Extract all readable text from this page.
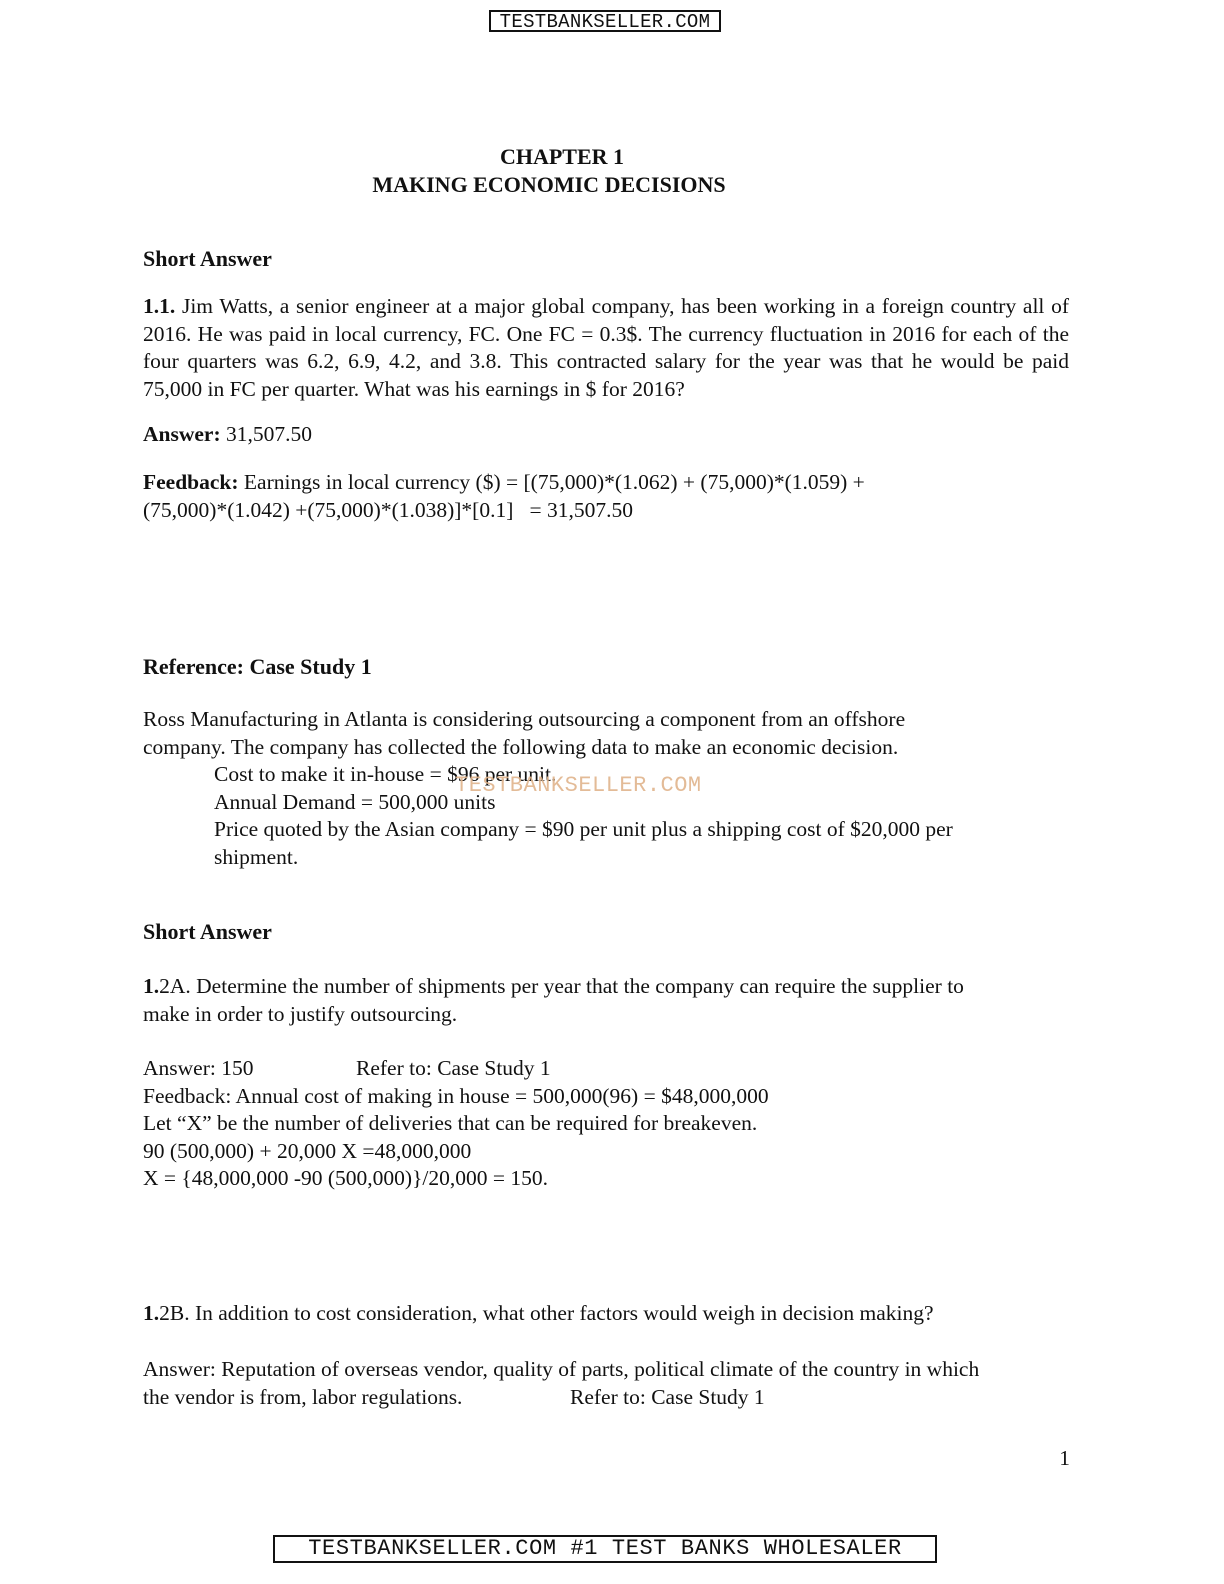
TESTBANKSELLER.COM
CHAPTER 1
MAKING ECONOMIC DECISIONS
Short Answer
1.1. Jim Watts, a senior engineer at a major global company, has been working in a foreign country all of 2016. He was paid in local currency, FC. One FC = 0.3$. The currency fluctuation in 2016 for each of the four quarters was 6.2, 6.9, 4.2, and 3.8. This contracted salary for the year was that he would be paid 75,000 in FC per quarter. What was his earnings in $ for 2016?
Answer: 31,507.50
Feedback: Earnings in local currency ($) = [(75,000)*(1.062) + (75,000)*(1.059) +
(75,000)*(1.042) +(75,000)*(1.038)]*[0.1]   = 31,507.50
Reference: Case Study 1
Ross Manufacturing in Atlanta is considering outsourcing a component from an offshore
company. The company has collected the following data to make an economic decision.
Cost to make it in-house = $96 per unit.
Annual Demand = 500,000 units
Price quoted by the Asian company = $90 per unit plus a shipping cost of $20,000 per
shipment.
TESTBANKSELLER.COM
Short Answer
1.2A. Determine the number of shipments per year that the company can require the supplier to
make in order to justify outsourcing.
Answer: 150	Refer to: Case Study 1
Feedback: Annual cost of making in house = 500,000(96) = $48,000,000
Let “X” be the number of deliveries that can be required for breakeven.
90 (500,000) + 20,000 X =48,000,000
X = {48,000,000 -90 (500,000)}/20,000 = 150.
1.2B. In addition to cost consideration, what other factors would weigh in decision making?
Answer: Reputation of overseas vendor, quality of parts, political climate of the country in which
the vendor is from, labor regulations.	Refer to: Case Study 1
1
TESTBANKSELLER.COM #1 TEST BANKS WHOLESALER
